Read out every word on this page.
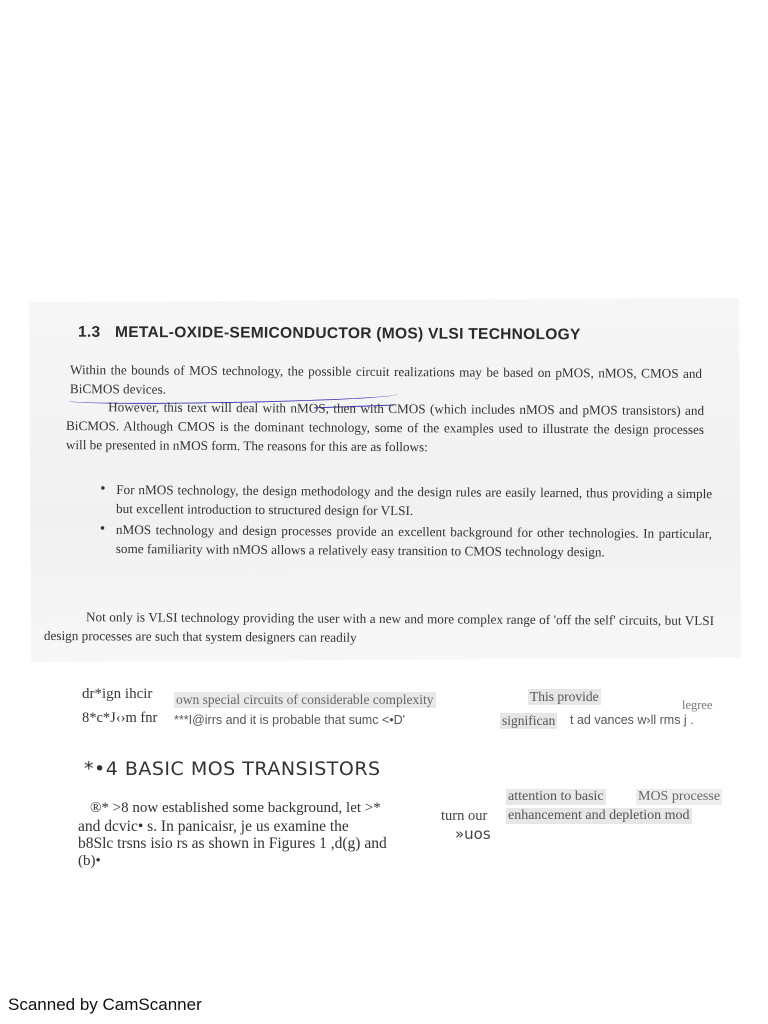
1.3 METAL-OXIDE-SEMICONDUCTOR (MOS) VLSI TECHNOLOGY
Within the bounds of MOS technology, the possible circuit realizations may be based on pMOS, nMOS, CMOS and BiCMOS devices.
However, this text will deal with nMOS, then with CMOS (which includes nMOS and pMOS transistors) and BiCMOS. Although CMOS is the dominant technology, some of the examples used to illustrate the design processes will be presented in nMOS form. The reasons for this are as follows:
• For nMOS technology, the design methodology and the design rules are easily learned, thus providing a simple but excellent introduction to structured design for VLSI.
• nMOS technology and design processes provide an excellent background for other technologies. In particular, some familiarity with nMOS allows a relatively easy transition to CMOS technology design.
Not only is VLSI technology providing the user with a new and more complex range of 'off the self' circuits, but VLSI design processes are such that system designers can readily
dr*ign ihcir own special circuits of considerable complexity	This provide
legree
8*c*J‹›m fnr ***I@irrs and it is probable that sumc <•D'	significan t ad vances w›ll rms j .
*•4 BASIC MOS TRANSISTORS
®* >8 now established some background, let >*
and dcvic• s. In panicaisr, je us examine the
b8Slc trsns isio rs as shown in Figures 1 ,d(g) and
(b)•
turn our
»uos
attention to basic MOS processe
enhancement and depletion mod
Scanned by CamScanner
